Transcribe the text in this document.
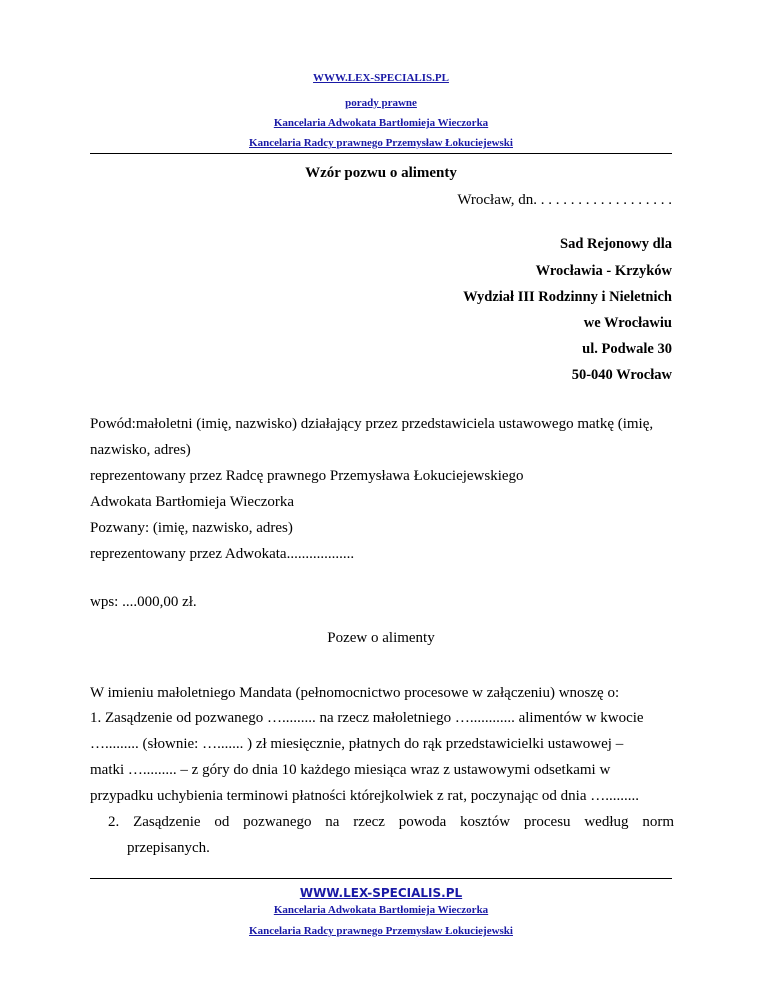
WWW.LEX-SPECIALIS.PL
porady prawne
Kancelaria Adwokata Bartłomieja Wieczorka
Kancelaria Radcy prawnego Przemysław Łokuciejewski
Wzór pozwu o alimenty
Wrocław, dn. . . . . . . . . . . . . . . . . . .
Sad Rejonowy dla
Wrocławia - Krzyków
Wydział III Rodzinny i Nieletnich
we Wrocławiu
ul. Podwale 30
50-040 Wrocław
Powód:małoletni (imię, nazwisko) działający przez przedstawiciela ustawowego matkę (imię,
nazwisko, adres)
reprezentowany przez Radcę prawnego Przemysława Łokuciejewskiego
Adwokata Bartłomieja Wieczorka
Pozwany: (imię, nazwisko, adres)
reprezentowany przez Adwokata..................
wps: ....000,00 zł.
Pozew o alimenty
W imieniu małoletniego Mandata (pełnomocnictwo procesowe w załączeniu) wnoszę o:
1. Zasądzenie od pozwanego …......... na rzecz małoletniego …............ alimentów w kwocie
…......... (słownie: …....... ) zł miesięcznie, płatnych do rąk przedstawicielki ustawowej –
matki …......... – z góry do dnia 10 każdego miesiąca wraz z ustawowymi odsetkami w
przypadku uchybienia terminowi płatności którejkolwiek z rat, poczynając od dnia ….........
2. Zasądzenie od pozwanego na rzecz powoda kosztów procesu według norm
przepisanych.
WWW.LEX-SPECIALIS.PL
Kancelaria Adwokata Bartłomieja Wieczorka
Kancelaria Radcy prawnego Przemysław Łokuciejewski
